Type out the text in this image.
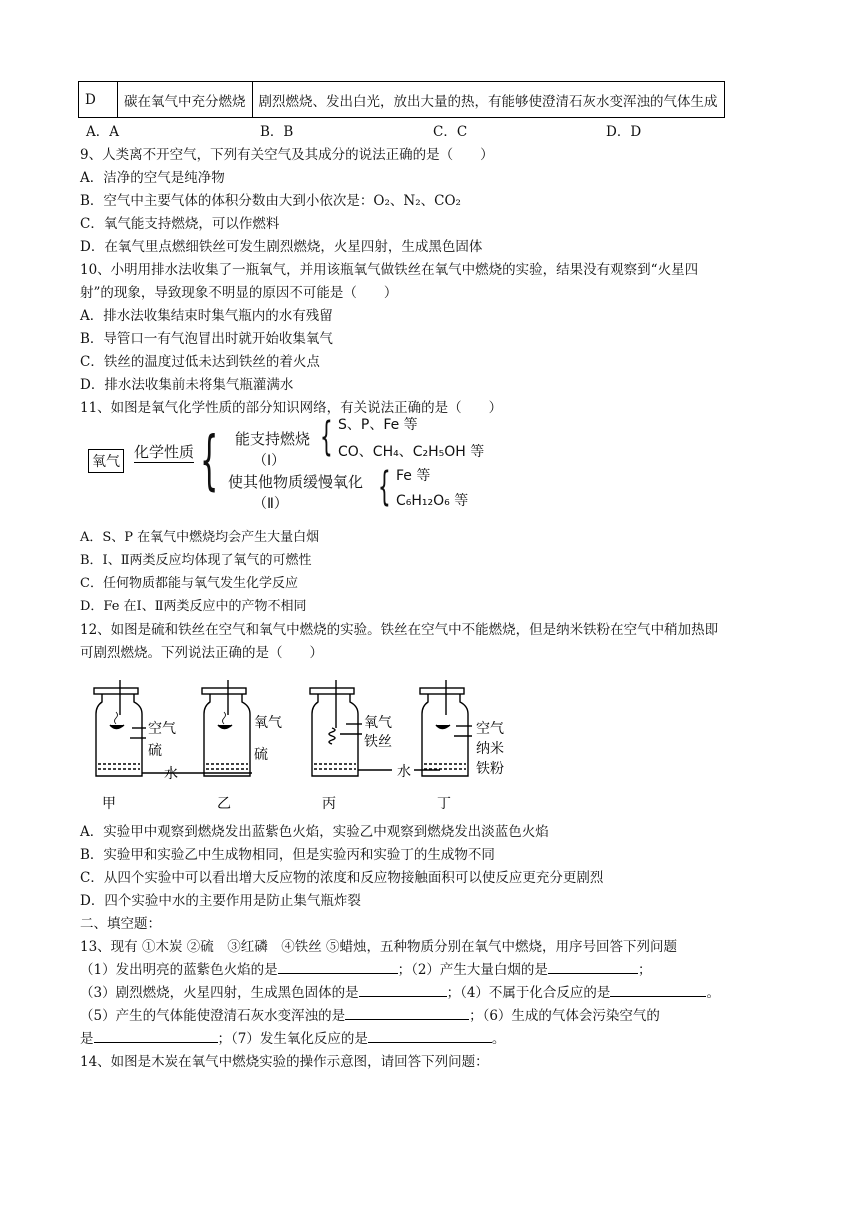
D	碳在氧气中充分燃烧	剧烈燃烧、发出白光，放出大量的热，有能够使澄清石灰水变浑浊的气体生成
A．A	B．B	C．C	D．D
9、人类离不开空气，下列有关空气及其成分的说法正确的是（　　）
A．洁净的空气是纯净物
B．空气中主要气体的体积分数由大到小依次是：O₂、N₂、CO₂
C．氧气能支持燃烧，可以作燃料
D．在氧气里点燃细铁丝可发生剧烈燃烧，火星四射，生成黑色固体
10、小明用排水法收集了一瓶氧气，并用该瓶氧气做铁丝在氧气中燃烧的实验，结果没有观察到“火星四
射”的现象，导致现象不明显的原因不可能是（　　）
A．排水法收集结束时集气瓶内的水有残留
B．导管口一有气泡冒出时就开始收集氧气
C．铁丝的温度过低未达到铁丝的着火点
D．排水法收集前未将集气瓶灌满水
11、如图是氧气化学性质的部分知识网络，有关说法正确的是（　　）
氧气
化学性质 { 能支持燃烧
（Ⅰ）
{ S、P、Fe 等
CO、CH₄、C₂H₅OH 等
使其他物质缓慢氧化
（Ⅱ） { Fe 等
C₆H₁₂O₆ 等
A．S、P 在氧气中燃烧均会产生大量白烟
B．Ⅰ、Ⅱ两类反应均体现了氧气的可燃性
C．任何物质都能与氧气发生化学反应
D．Fe 在Ⅰ、Ⅱ两类反应中的产物不相同
12、如图是硫和铁丝在空气和氧气中燃烧的实验。铁丝在空气中不能燃烧，但是纳米铁粉在空气中稍加热即
可剧烈燃烧。下列说法正确的是（　　）
空气
硫
氧气
硫
水
氧气
铁丝
水
空气
纳米
铁粉
甲	乙	丙	丁
A．实验甲中观察到燃烧发出蓝紫色火焰，实验乙中观察到燃烧发出淡蓝色火焰
B．实验甲和实验乙中生成物相同，但是实验丙和实验丁的生成物不同
C．从四个实验中可以看出增大反应物的浓度和反应物接触面积可以使反应更充分更剧烈
D．四个实验中水的主要作用是防止集气瓶炸裂
二、填空题：
13、现有 ①木炭 ②硫　③红磷　④铁丝 ⑤蜡烛，五种物质分别在氧气中燃烧，用序号回答下列问题
（1）发出明亮的蓝紫色火焰的是	；（2）产生大量白烟的是	；
（3）剧烈燃烧，火星四射，生成黑色固体的是	；（4）不属于化合反应的是	。
（5）产生的气体能使澄清石灰水变浑浊的是	；（6）生成的气体会污染空气的
是	；（7）发生氧化反应的是	。
14、如图是木炭在氧气中燃烧实验的操作示意图，请回答下列问题：
